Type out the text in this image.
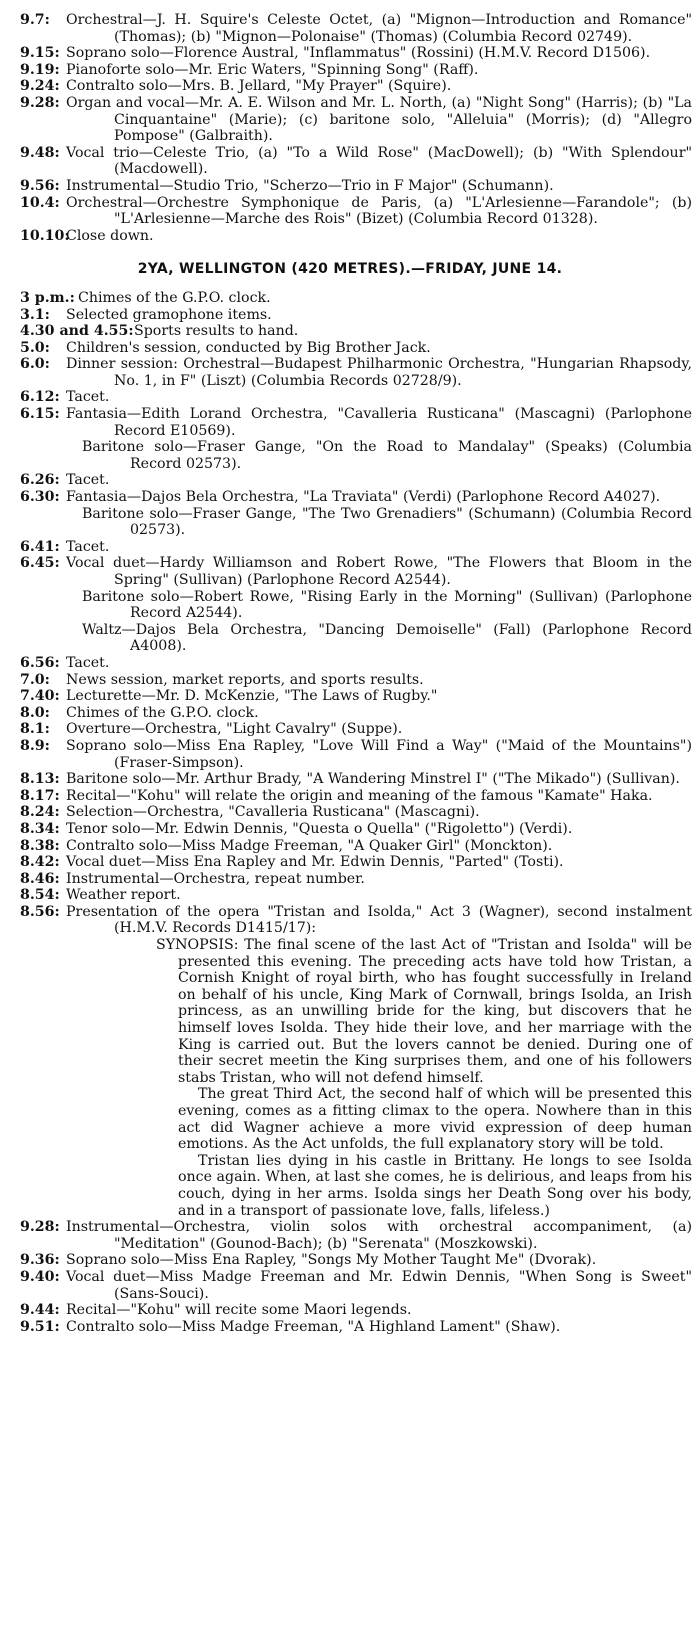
9.7: Orchestral—J. H. Squire's Celeste Octet, (a) "Mignon—Introduction and Romance" (Thomas); (b) "Mignon—Polonaise" (Thomas) (Columbia Record 02749).
9.15: Soprano solo—Florence Austral, "Inflammatus" (Rossini) (H.M.V. Record D1506).
9.19: Pianoforte solo—Mr. Eric Waters, "Spinning Song" (Raff).
9.24: Contralto solo—Mrs. B. Jellard, "My Prayer" (Squire).
9.28: Organ and vocal—Mr. A. E. Wilson and Mr. L. North, (a) "Night Song" (Harris); (b) "La Cinquantaine" (Marie); (c) baritone solo, "Alleluia" (Morris); (d) "Allegro Pompose" (Galbraith).
9.48: Vocal trio—Celeste Trio, (a) "To a Wild Rose" (MacDowell); (b) "With Splendour" (Macdowell).
9.56: Instrumental—Studio Trio, "Scherzo—Trio in F Major" (Schumann).
10.4: Orchestral—Orchestre Symphonique de Paris, (a) "L'Arlesienne—Farandole"; (b) "L'Arlesienne—Marche des Rois" (Bizet) (Columbia Record 01328).
10.10:
Close down.
2YA, WELLINGTON (420 METRES).—FRIDAY, JUNE 14.
3 p.m.: Chimes of the G.P.O. clock.
3.1: Selected gramophone items.
4.30 and 4.55: Sports results to hand.
5.0: Children's session, conducted by Big Brother Jack.
6.0: Dinner session: Orchestral—Budapest Philharmonic Orchestra, "Hungarian Rhapsody, No. 1, in F" (Liszt) (Columbia Records 02728/9).
6.12: Tacet.
6.15: Fantasia—Edith Lorand Orchestra, "Cavalleria Rusticana" (Mascagni) (Parlophone Record E10569).
Baritone solo—Fraser Gange, "On the Road to Mandalay" (Speaks) (Columbia Record 02573).
6.26: Tacet.
6.30: Fantasia—Dajos Bela Orchestra, "La Traviata" (Verdi) (Parlophone Record A4027).
Baritone solo—Fraser Gange, "The Two Grenadiers" (Schumann) (Columbia Record 02573).
6.41: Tacet.
6.45: Vocal duet—Hardy Williamson and Robert Rowe, "The Flowers that Bloom in the Spring" (Sullivan) (Parlophone Record A2544).
Baritone solo—Robert Rowe, "Rising Early in the Morning" (Sullivan) (Parlophone Record A2544).
Waltz—Dajos Bela Orchestra, "Dancing Demoiselle" (Fall) (Parlophone Record A4008).
6.56: Tacet.
7.0: News session, market reports, and sports results.
7.40: Lecturette—Mr. D. McKenzie, "The Laws of Rugby."
8.0: Chimes of the G.P.O. clock.
8.1: Overture—Orchestra, "Light Cavalry" (Suppe).
8.9: Soprano solo—Miss Ena Rapley, "Love Will Find a Way" ("Maid of the Mountains") (Fraser-Simpson).
8.13: Baritone solo—Mr. Arthur Brady, "A Wandering Minstrel I" ("The Mikado") (Sullivan).
8.17: Recital—"Kohu" will relate the origin and meaning of the famous "Kamate" Haka.
8.24: Selection—Orchestra, "Cavalleria Rusticana" (Mascagni).
8.34: Tenor solo—Mr. Edwin Dennis, "Questa o Quella" ("Rigoletto") (Verdi).
8.38: Contralto solo—Miss Madge Freeman, "A Quaker Girl" (Monckton).
8.42: Vocal duet—Miss Ena Rapley and Mr. Edwin Dennis, "Parted" (Tosti).
8.46: Instrumental—Orchestra, repeat number.
8.54: Weather report.
8.56: Presentation of the opera "Tristan and Isolda," Act 3 (Wagner), second instalment (H.M.V. Records D1415/17):

SYNOPSIS: The final scene of the last Act of "Tristan and Isolda" will be presented this evening. The preceding acts have told how Tristan, a Cornish Knight of royal birth, who has fought successfully in Ireland on behalf of his uncle, King Mark of Cornwall, brings Isolda, an Irish princess, as an unwilling bride for the king, but discovers that he himself loves Isolda. They hide their love, and her marriage with the King is carried out. But the lovers cannot be denied. During one of their secret meetin the King surprises them, and one of his followers stabs Tristan, who will not defend himself.

The great Third Act, the second half of which will be presented this evening, comes as a fitting climax to the opera. Nowhere than in this act did Wagner achieve a more vivid expression of deep human emotions. As the Act unfolds, the full explanatory story will be told.

Tristan lies dying in his castle in Brittany. He longs to see Isolda once again. When, at last she comes, he is delirious, and leaps from his couch, dying in her arms. Isolda sings her Death Song over his body, and in a transport of passionate love, falls, lifeless.)

9.28: Instrumental—Orchestra, violin solos with orchestral accompaniment, (a) "Meditation" (Gounod-Bach); (b) "Serenata" (Moszkowski).
9.36: Soprano solo—Miss Ena Rapley, "Songs My Mother Taught Me" (Dvorak).
9.40: Vocal duet—Miss Madge Freeman and Mr. Edwin Dennis, "When Song is Sweet" (Sans-Souci).
9.44: Recital—"Kohu" will recite some Maori legends.
9.51: Contralto solo—Miss Madge Freeman, "A Highland Lament" (Shaw).
